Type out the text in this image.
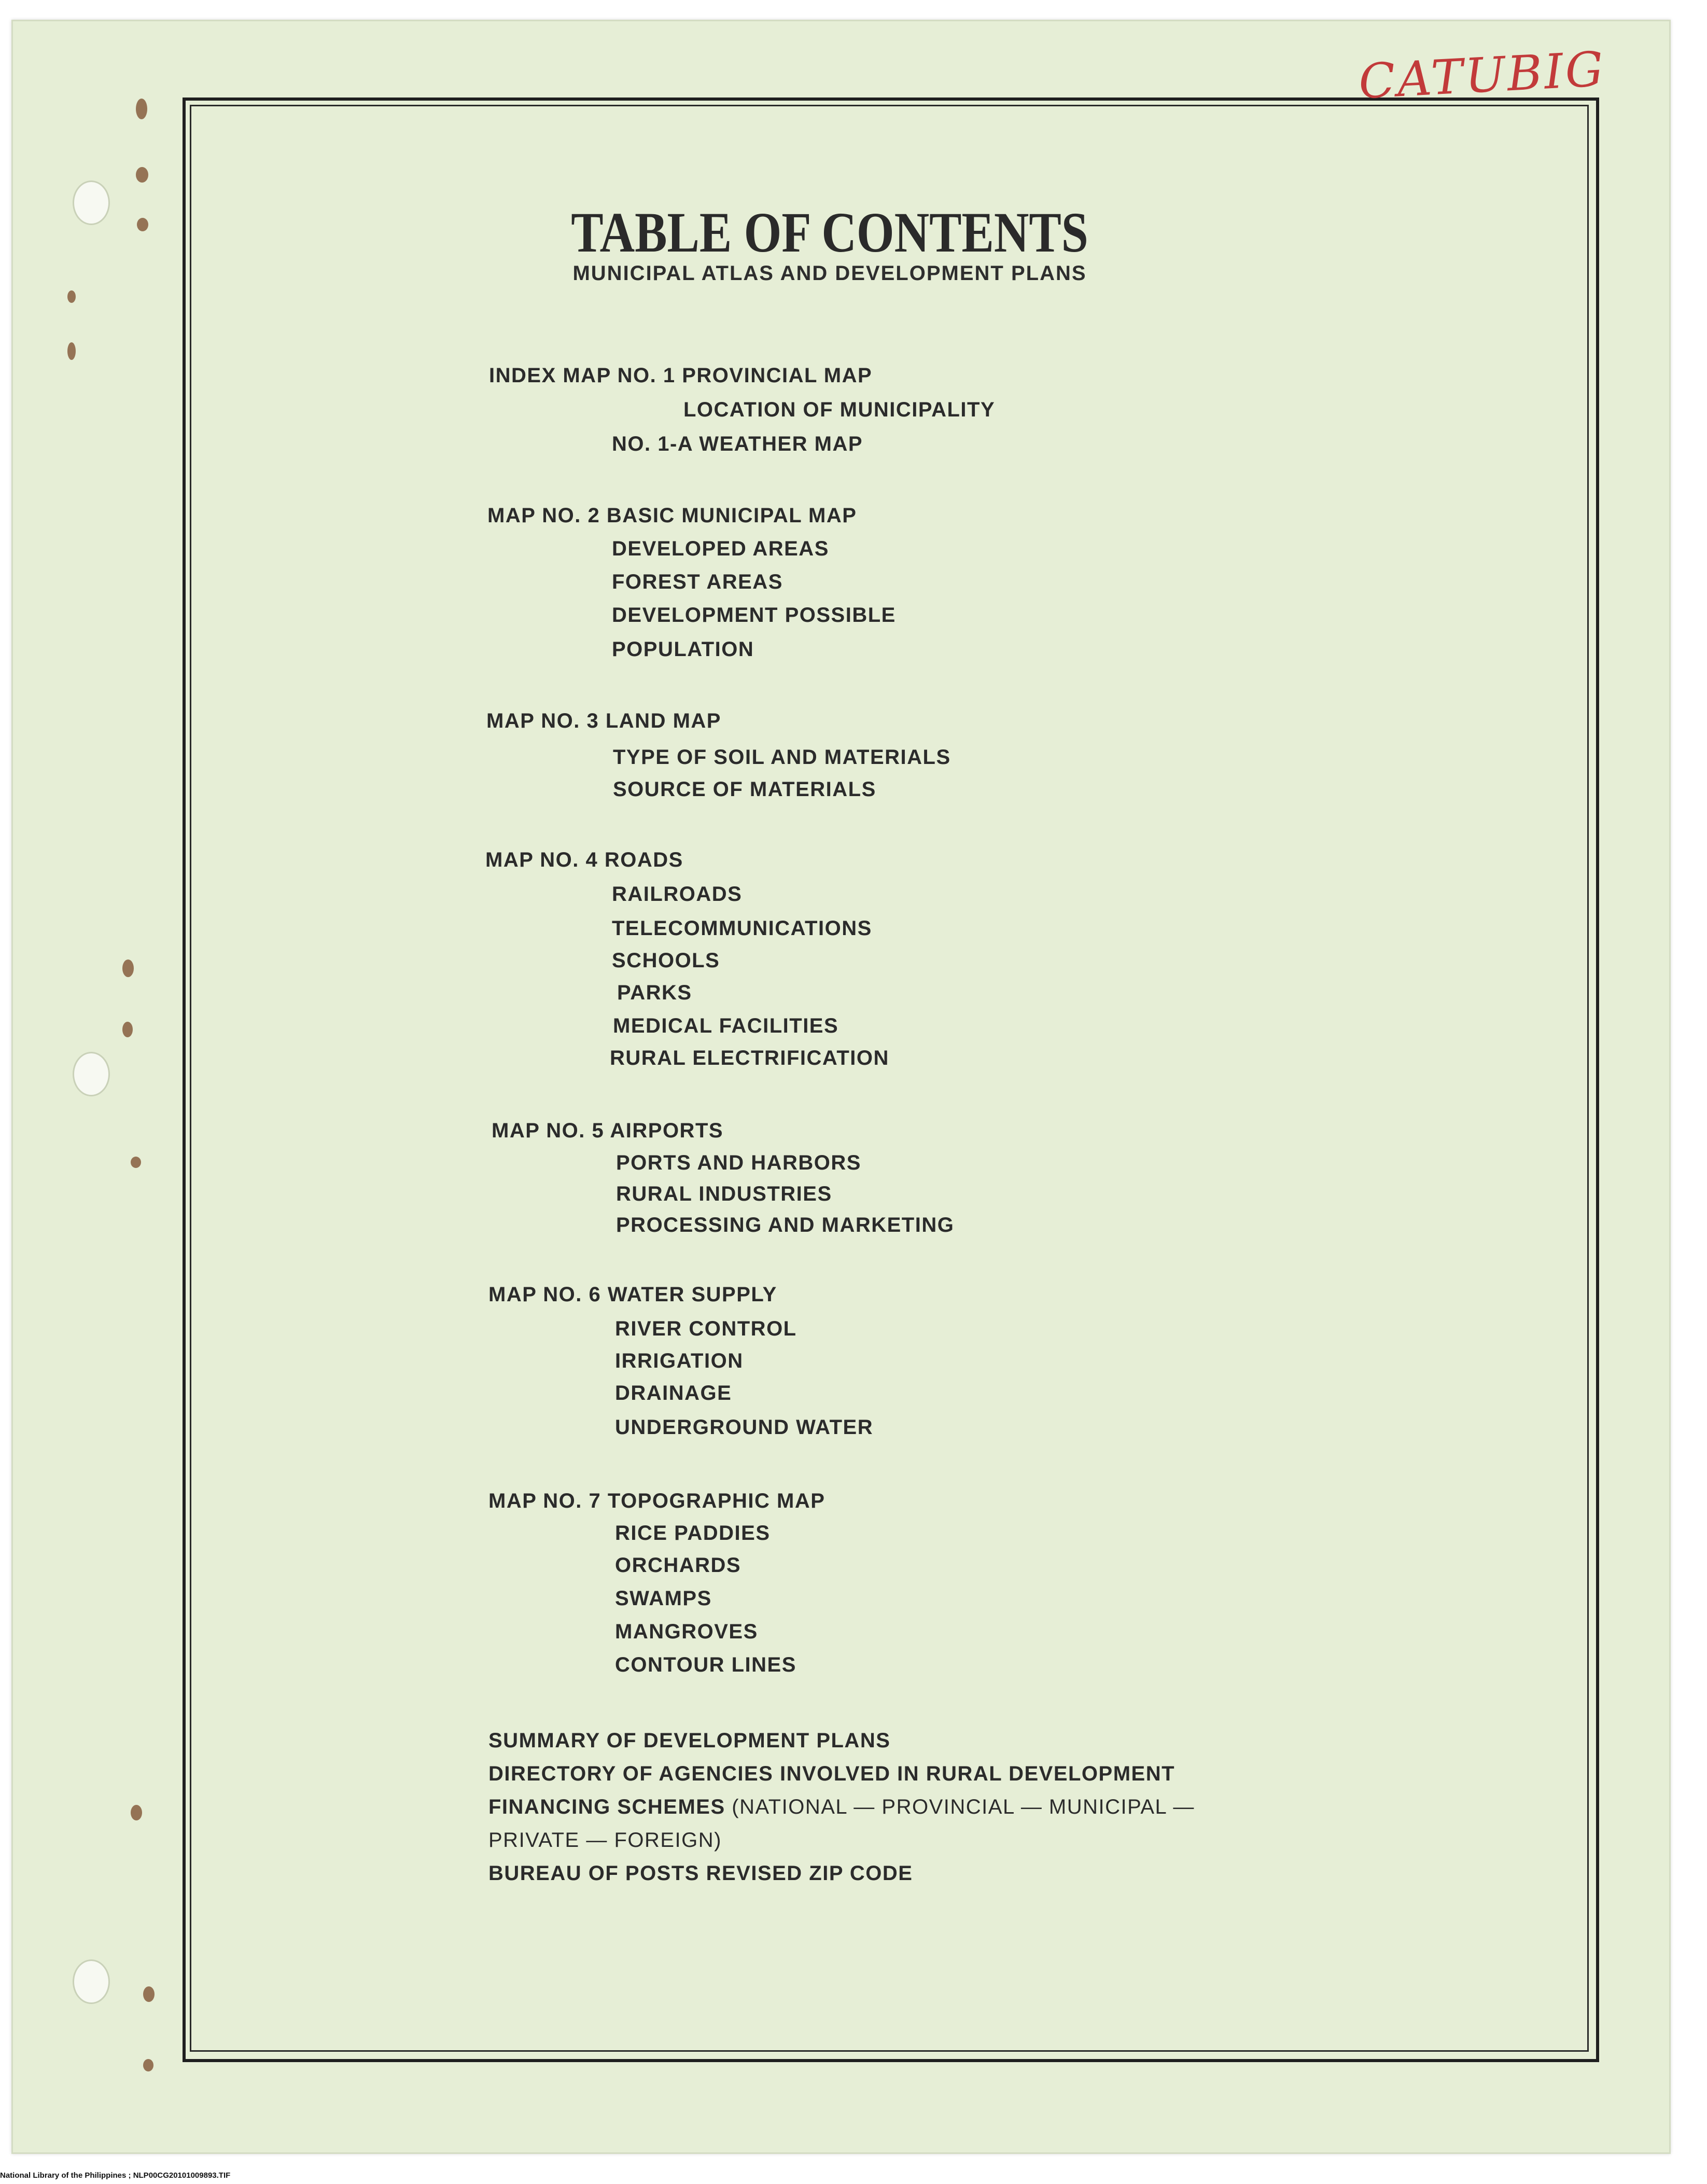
CATUBIG
TABLE OF CONTENTS
MUNICIPAL ATLAS AND DEVELOPMENT PLANS
INDEX MAP NO. 1 PROVINCIAL MAP
LOCATION OF MUNICIPALITY
NO. 1-A WEATHER MAP
MAP NO. 2 BASIC MUNICIPAL MAP
DEVELOPED AREAS
FOREST AREAS
DEVELOPMENT POSSIBLE
POPULATION
MAP NO. 3 LAND MAP
TYPE OF SOIL AND MATERIALS
SOURCE OF MATERIALS
MAP NO. 4 ROADS
RAILROADS
TELECOMMUNICATIONS
SCHOOLS
PARKS
MEDICAL FACILITIES
RURAL ELECTRIFICATION
MAP NO. 5 AIRPORTS
PORTS AND HARBORS
RURAL INDUSTRIES
PROCESSING AND MARKETING
MAP NO. 6 WATER SUPPLY
RIVER CONTROL
IRRIGATION
DRAINAGE
UNDERGROUND WATER
MAP NO. 7 TOPOGRAPHIC MAP
RICE PADDIES
ORCHARDS
SWAMPS
MANGROVES
CONTOUR LINES
SUMMARY OF DEVELOPMENT PLANS
DIRECTORY OF AGENCIES INVOLVED IN RURAL DEVELOPMENT
FINANCING SCHEMES (NATIONAL — PROVINCIAL — MUNICIPAL —
PRIVATE — FOREIGN)
BUREAU OF POSTS REVISED ZIP CODE
National Library of the Philippines ; NLP00CG20101009893.TIF
